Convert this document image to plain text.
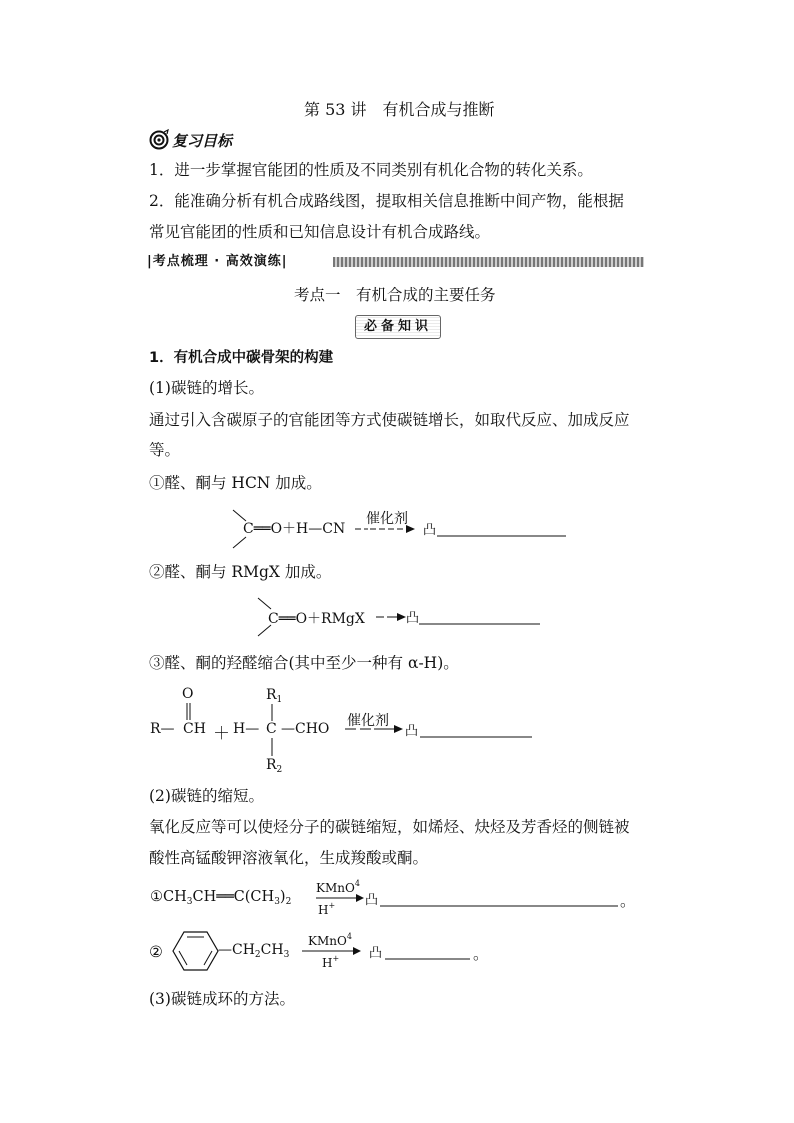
第 53 讲　有机合成与推断
复习目标
1．进一步掌握官能团的性质及不同类别有机化合物的转化关系。
2．能准确分析有机合成路线图，提取相关信息推断中间产物，能根据
常见官能团的性质和已知信息设计有机合成路线。
|考点梳理 · 高效演练|
考点一　有机合成的主要任务
必备知识
1．有机合成中碳骨架的构建
(1)碳链的增长。
通过引入含碳原子的官能团等方式使碳链增长，如取代反应、加成反应
等。
①醛、酮与 HCN 加成。
C══O＋H—CN
催化剂
凸
②醛、酮与 RMgX 加成。
C══O＋RMgX	凸
③醛、酮的羟醛缩合(其中至少一种有 α-H)。
O
R— CH ＋ H— C —CHO
$R_1$
$R_2$
催化剂
凸
(2)碳链的缩短。
氧化反应等可以使烃分子的碳链缩短，如烯烃、炔烃及芳香烃的侧链被
酸性高锰酸钾溶液氧化，生成羧酸或酮。
$①CH_3CH══C(CH_3)_2$
KMnO$^4$
H+ 凸	。
②	$—CH_2CH_3$
KMnO$^4$
H+ 凸	。
(3)碳链成环的方法。
